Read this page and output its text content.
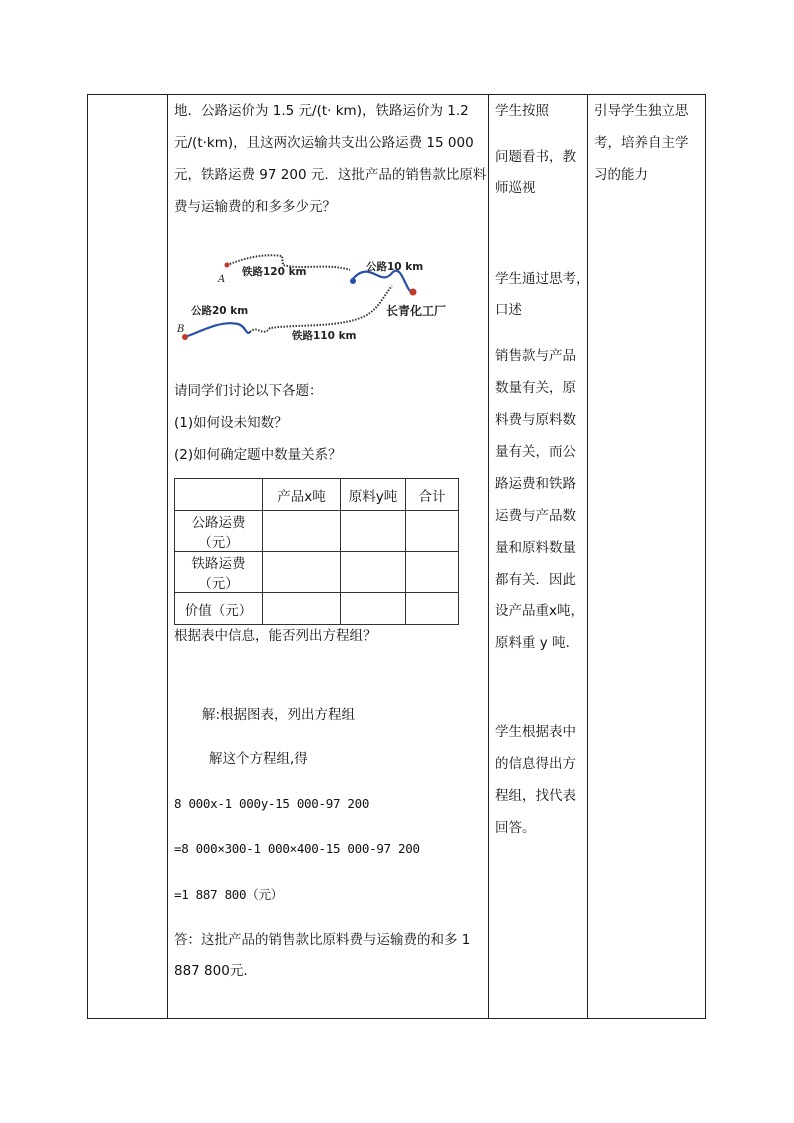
地．公路运价为 1.5 元/(t· km)，铁路运价为 1.2
元/(t·km)，且这两次运输共支出公路运费 15 000
元，铁路运费 97 200 元．这批产品的销售款比原料
费与运输费的和多多少元？
A
B
铁路120 km	公路10 km
公路20 km
铁路110 km
长青化工厂
请同学们讨论以下各题：
(1)如何设未知数？
(2)如何确定题中数量关系？
	产品x吨	原料y吨	合计
公路运费（元）			
铁路运费（元）			
价值（元）			
根据表中信息，能否列出方程组？
解:根据图表，列出方程组
解这个方程组,得
8 000x-1 000y-15 000-97 200
=8 000×300-1 000×400-15 000-97 200
=1 887 800（元）
答：这批产品的销售款比原料费与运输费的和多 1
887 800元.
学生按照
问题看书，教
师巡视
学生通过思考，
口述
销售款与产品
数量有关，原
料费与原料数
量有关，而公
路运费和铁路
运费与产品数
量和原料数量
都有关．因此
设产品重x吨，
原料重 y 吨．
学生根据表中
的信息得出方
程组，找代表
回答。
引导学生独立思
考，培养自主学
习的能力
